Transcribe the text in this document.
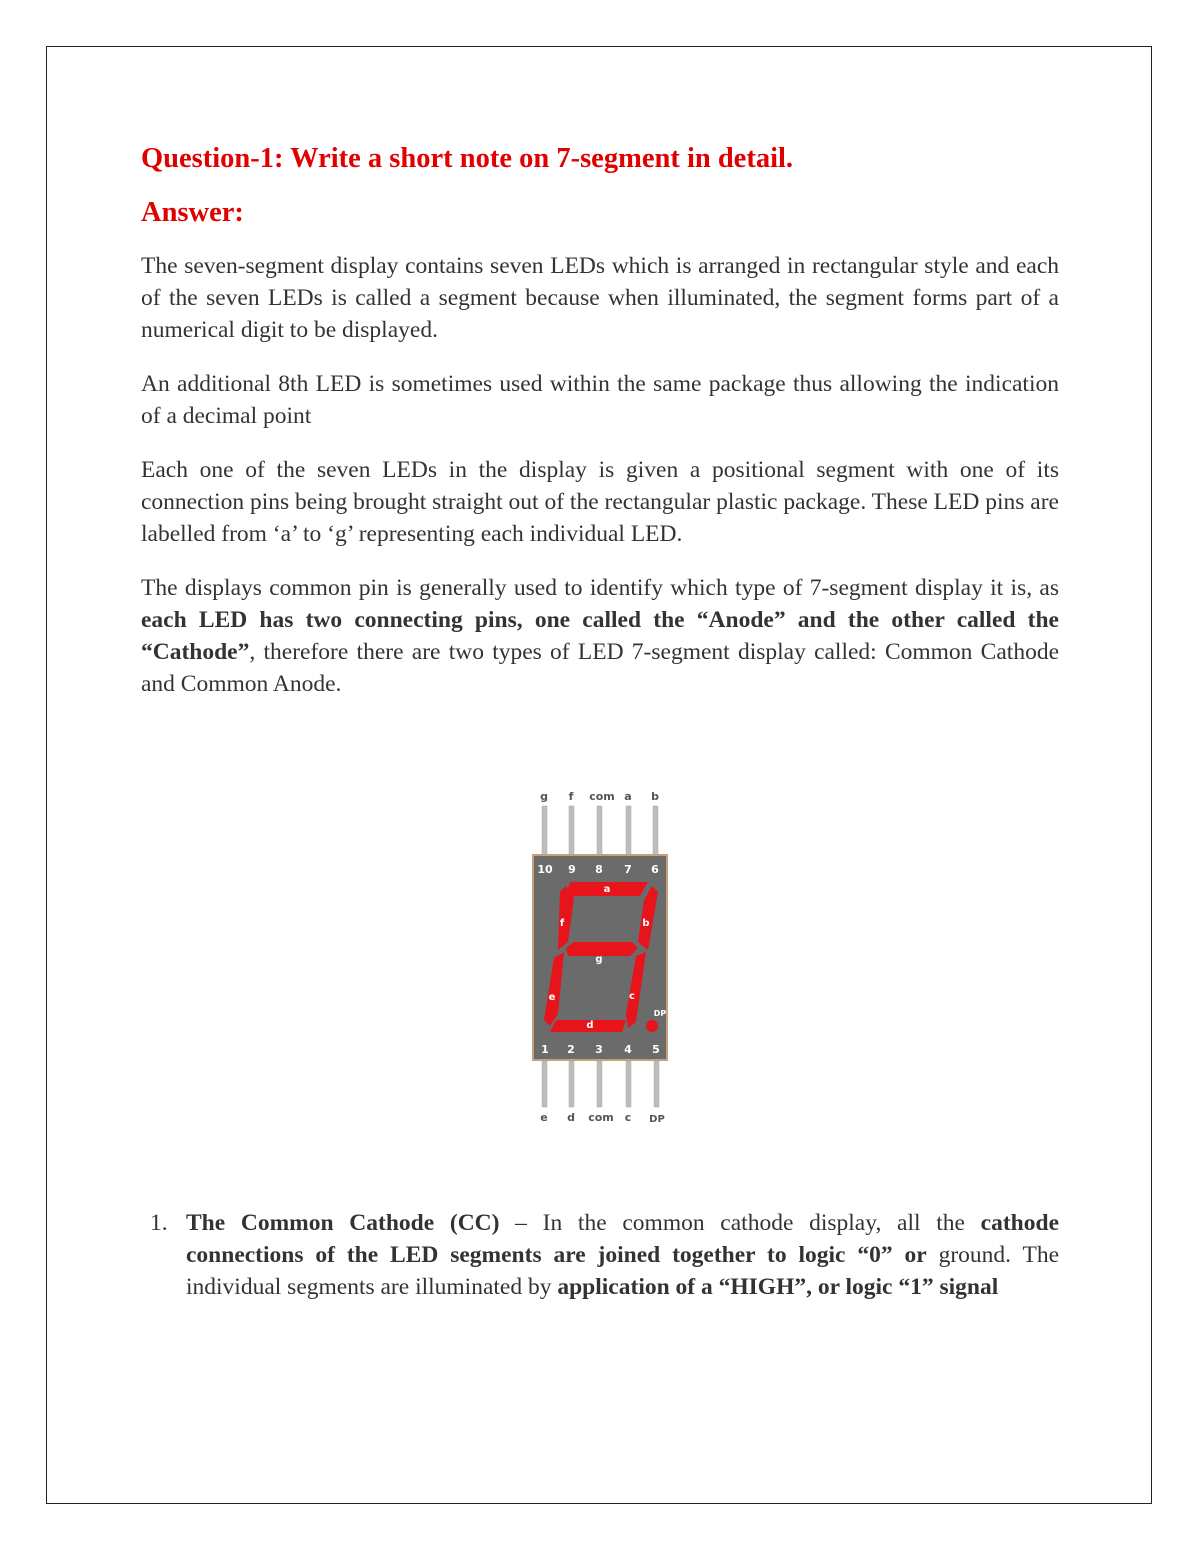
Question-1: Write a short note on 7-segment in detail.

Answer:

The seven-segment display contains seven LEDs which is arranged in rectangular style and each of the seven LEDs is called a segment because when illuminated, the segment forms part of a numerical digit to be displayed.

An additional 8th LED is sometimes used within the same package thus allowing the indication of a decimal point

Each one of the seven LEDs in the display is given a positional segment with one of its connection pins being brought straight out of the rectangular plastic package. These LED pins are labelled from ‘a’ to ‘g’ representing each individual LED.

The displays common pin is generally used to identify which type of 7-segment display it is, as each LED has two connecting pins, one called the “Anode” and the other called the “Cathode”, therefore there are two types of LED 7-segment display called: Common Cathode and Common Anode.

g f com a b
10 9 8 7 6
a
b
c
d
e
f
g
DP
1 2 3 4 5
e d com c DP
1. The Common Cathode (CC) – In the common cathode display, all the cathode connections of the LED segments are joined together to logic “0” or ground. The individual segments are illuminated by application of a “HIGH”, or logic “1” signal
